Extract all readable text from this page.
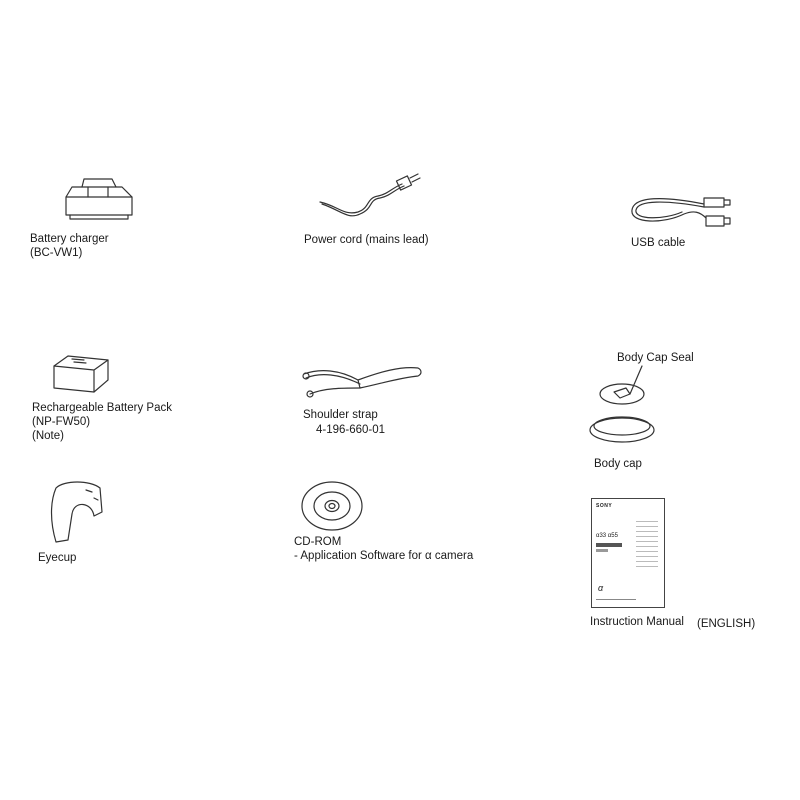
Battery charger
(BC-VW1)
Power cord (mains lead)	USB cable
Rechargeable Battery Pack
(NP-FW50)
(Note)
Shoulder strap
4-196-660-01
Body Cap Seal
Body cap
Eyecup
CD-ROM
- Application Software for α camera
SONY
α33 α55
α
Instruction Manual (ENGLISH)
